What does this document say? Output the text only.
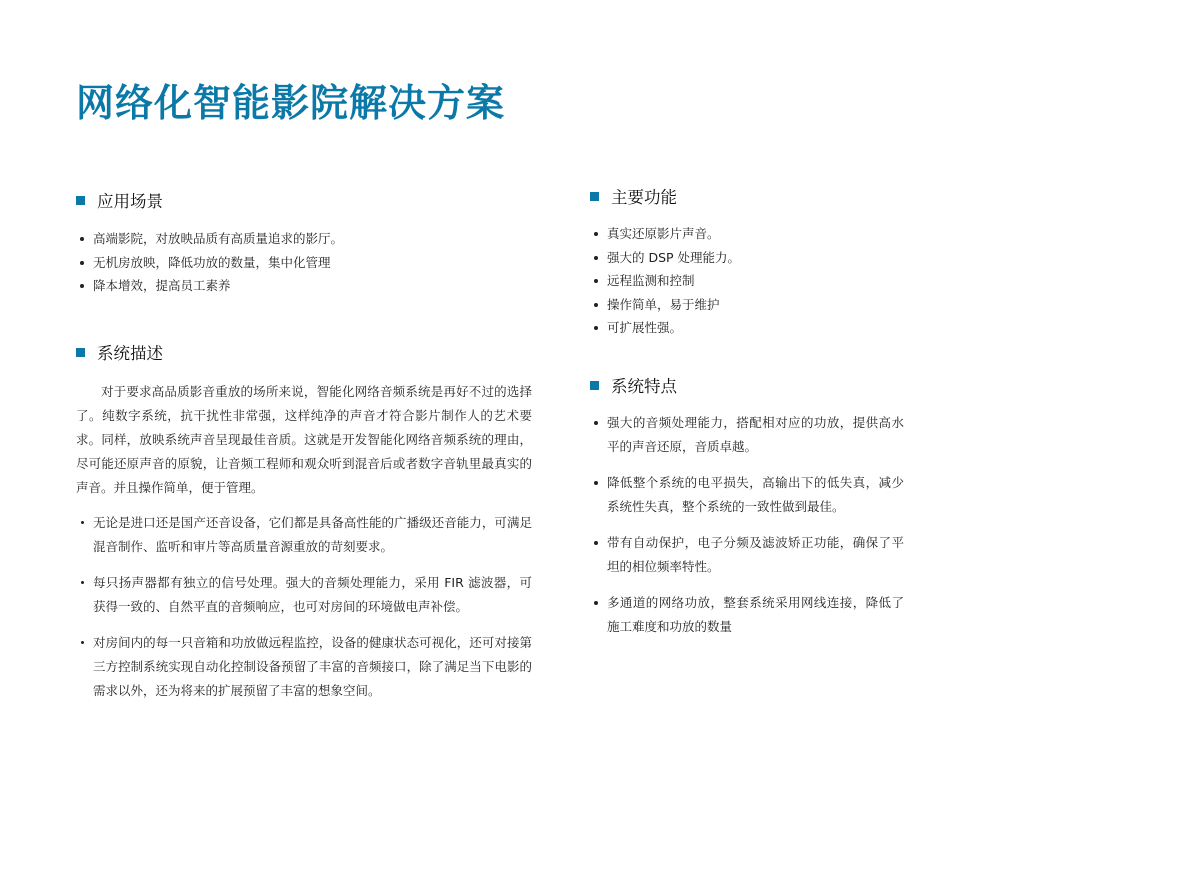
网络化智能影院解决方案
应用场景
高端影院，对放映品质有高质量追求的影厅。
无机房放映，降低功放的数量，集中化管理
降本增效，提高员工素养
系统描述

对于要求高品质影音重放的场所来说，智能化网络音频系统是再好不过的选择了。纯数字系统，抗干扰性非常强，这样纯净的声音才符合影片制作人的艺术要求。同样，放映系统声音呈现最佳音质。这就是开发智能化网络音频系统的理由，尽可能还原声音的原貌，让音频工程师和观众听到混音后或者数字音轨里最真实的声音。并且操作简单，便于管理。

无论是进口还是国产还音设备，它们都是具备高性能的广播级还音能力，可满足混音制作、监听和审片等高质量音源重放的苛刻要求。
每只扬声器都有独立的信号处理。强大的音频处理能力，采用 FIR 滤波器，可获得一致的、自然平直的音频响应，也可对房间的环境做电声补偿。
对房间内的每一只音箱和功放做远程监控，设备的健康状态可视化，还可对接第三方控制系统实现自动化控制设备预留了丰富的音频接口，除了满足当下电影的需求以外，还为将来的扩展预留了丰富的想象空间。
主要功能
真实还原影片声音。
强大的 DSP 处理能力。
远程监测和控制
操作简单，易于维护
可扩展性强。
系统特点
强大的音频处理能力，搭配相对应的功放，提供高水平的声音还原，音质卓越。
降低整个系统的电平损失，高输出下的低失真，减少系统性失真，整个系统的一致性做到最佳。
带有自动保护，电子分频及滤波矫正功能，确保了平坦的相位频率特性。
多通道的网络功放，整套系统采用网线连接，降低了施工难度和功放的数量
